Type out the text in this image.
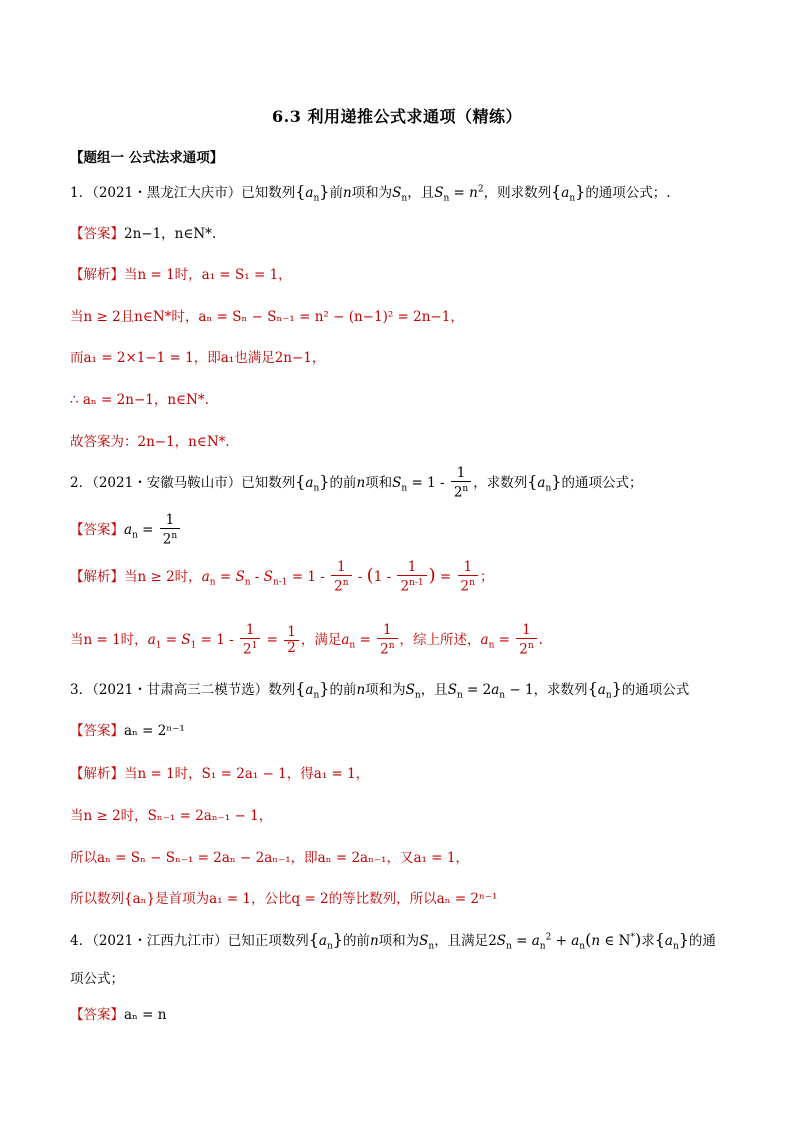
6.3 利用递推公式求通项（精练）
【题组一 公式法求通项】
1．（2021・黑龙江大庆市）已知数列$\{a_n\}$前n项和为$S_n$，且$S_n = n^2$，则求数列$\{a_n\}$的通项公式；.
【答案】2n−1，n∈N*.
【解析】当n = 1时，a₁ = S₁ = 1，
当n ≥ 2且n∈N*时，aₙ = Sₙ − Sₙ₋₁ = n² − (n−1)² = 2n−1，
而a₁ = 2×1−1 = 1，即a₁也满足2n−1，
∴ aₙ = 2n−1，n∈N*.
故答案为：2n−1，n∈N*.
2．（2021・安徽马鞍山市）已知数列$\{a_n\}$的前n项和$S_n = 1 - \frac{1}{2^n}$ ，求数列$\{a_n\}$的通项公式；
【答案】$a_n = \frac{1}{2^n}$
【解析】当n ≥ 2时，$a_n = S_n - S_{n-1} = 1 - \frac{1}{2^n} - (1 - \frac{1}{2^{n-1}}$ ) = $\frac{1}{2^n}$ ；
当n = 1时，$a_1 = S_1 = 1 - \frac{1}{2^1} = \frac{1}{2}$ ，满足$a_n = \frac{1}{2^n}$ ，综上所述，$a_n = \frac{1}{2^n}$ .
3．（2021・甘肃高三二模节选）数列$\{a_n\}$的前n项和为$S_n$，且$S_n = 2a_n - 1$，求数列$\{a_n\}$的通项公式
【答案】aₙ = 2ⁿ⁻¹
【解析】当n = 1时，S₁ = 2a₁ − 1，得a₁ = 1，
当n ≥ 2时，Sₙ₋₁ = 2aₙ₋₁ − 1，
所以aₙ = Sₙ − Sₙ₋₁ = 2aₙ − 2aₙ₋₁，即aₙ = 2aₙ₋₁，又a₁ = 1，
所以数列{aₙ}是首项为a₁ = 1，公比q = 2的等比数列，所以aₙ = 2ⁿ⁻¹
4．（2021・江西九江市）已知正项数列$\{a_n\}$的前n项和为$S_n$，且满足$2S_n = a_n^2 + a_n(n$ ∈ N*)求$\{a_n\}$的通
项公式；
【答案】aₙ = n
